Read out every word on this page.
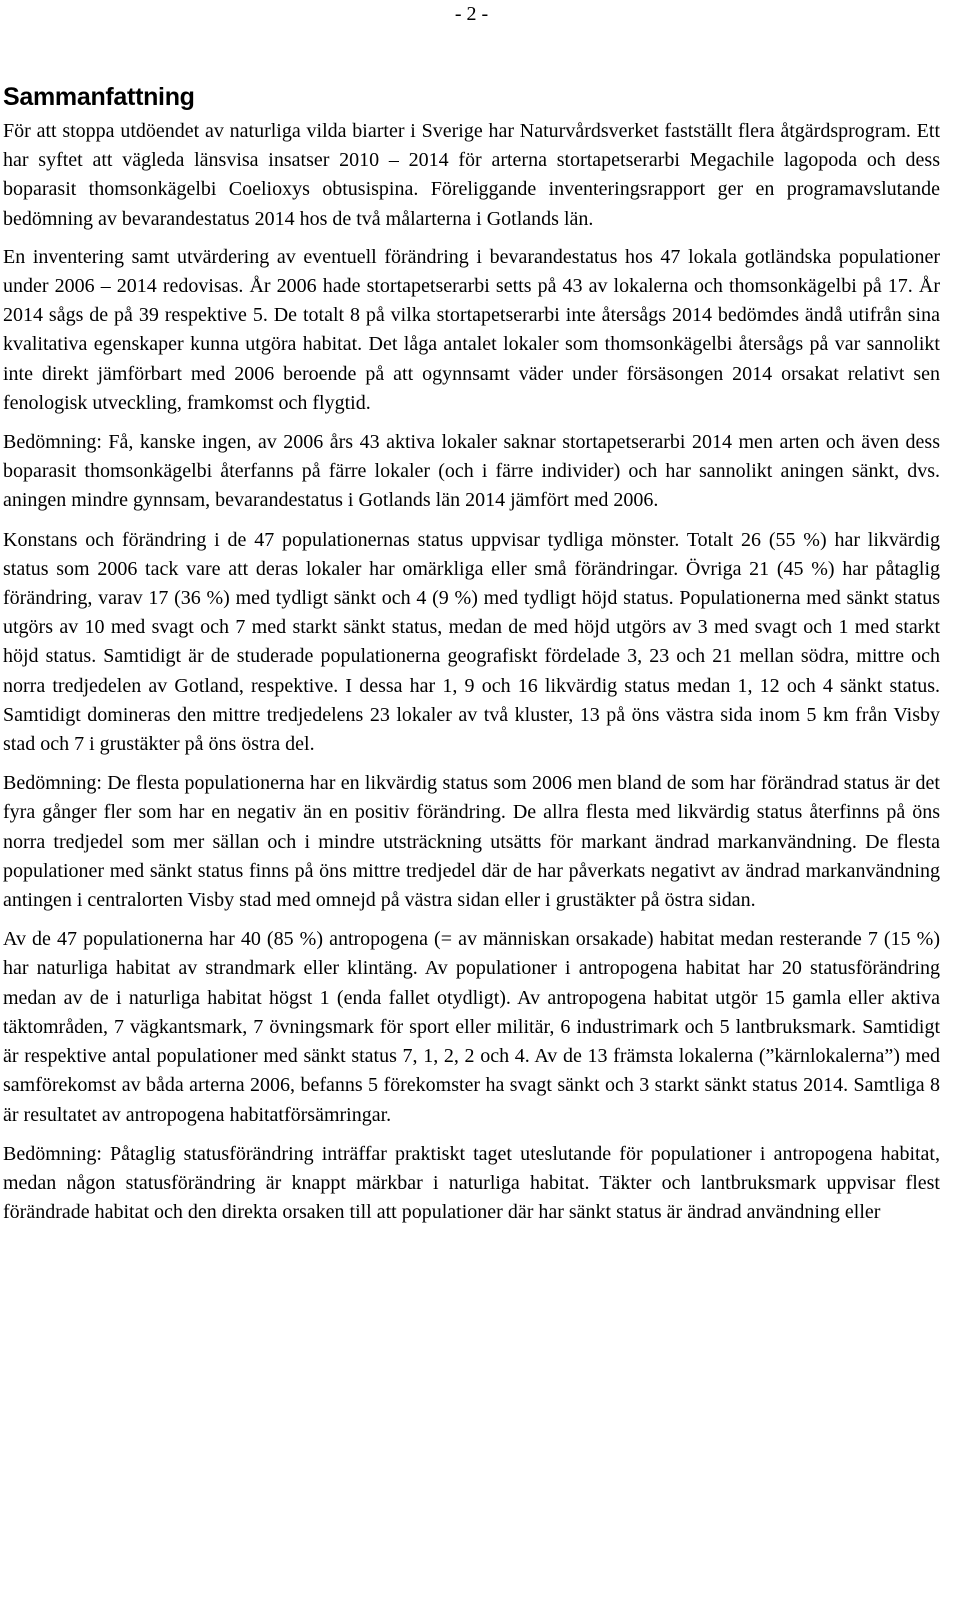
- 2 -

Sammanfattning

För att stoppa utdöendet av naturliga vilda biarter i Sverige har Naturvårdsverket fastställt flera åtgärdsprogram. Ett har syftet att vägleda länsvisa insatser 2010 – 2014 för arterna stortapetserarbi Megachile lagopoda och dess boparasit thomsonkägelbi Coelioxys obtusispina. Föreliggande inventeringsrapport ger en programavslutande bedömning av bevarandestatus 2014 hos de två målarterna i Gotlands län.

En inventering samt utvärdering av eventuell förändring i bevarandestatus hos 47 lokala gotländska populationer under 2006 – 2014 redovisas. År 2006 hade stortapetserarbi setts på 43 av lokalerna och thomsonkägelbi på 17. År 2014 sågs de på 39 respektive 5. De totalt 8 på vilka stortapetserarbi inte återsågs 2014 bedömdes ändå utifrån sina kvalitativa egenskaper kunna utgöra habitat. Det låga antalet lokaler som thomsonkägelbi återsågs på var sannolikt inte direkt jämförbart med 2006 beroende på att ogynnsamt väder under försäsongen 2014 orsakat relativt sen fenologisk utveckling, framkomst och flygtid.

Bedömning: Få, kanske ingen, av 2006 års 43 aktiva lokaler saknar stortapetserarbi 2014 men arten och även dess boparasit thomsonkägelbi återfanns på färre lokaler (och i färre individer) och har sannolikt aningen sänkt, dvs. aningen mindre gynnsam, bevarandestatus i Gotlands län 2014 jämfört med 2006.

Konstans och förändring i de 47 populationernas status uppvisar tydliga mönster. Totalt 26 (55 %) har likvärdig status som 2006 tack vare att deras lokaler har omärkliga eller små förändringar. Övriga 21 (45 %) har påtaglig förändring, varav 17 (36 %) med tydligt sänkt och 4 (9 %) med tydligt höjd status. Populationerna med sänkt status utgörs av 10 med svagt och 7 med starkt sänkt status, medan de med höjd utgörs av 3 med svagt och 1 med starkt höjd status. Samtidigt är de studerade populationerna geografiskt fördelade 3, 23 och 21 mellan södra, mittre och norra tredjedelen av Gotland, respektive. I dessa har 1, 9 och 16 likvärdig status medan 1, 12 och 4 sänkt status. Samtidigt domineras den mittre tredjedelens 23 lokaler av två kluster, 13 på öns västra sida inom 5 km från Visby stad och 7 i grustäkter på öns östra del.

Bedömning: De flesta populationerna har en likvärdig status som 2006 men bland de som har förändrad status är det fyra gånger fler som har en negativ än en positiv förändring. De allra flesta med likvärdig status återfinns på öns norra tredjedel som mer sällan och i mindre utsträckning utsätts för markant ändrad markanvändning. De flesta populationer med sänkt status finns på öns mittre tredjedel där de har påverkats negativt av ändrad markanvändning antingen i centralorten Visby stad med omnejd på västra sidan eller i grustäkter på östra sidan.

Av de 47 populationerna har 40 (85 %) antropogena (= av människan orsakade) habitat medan resterande 7 (15 %) har naturliga habitat av strandmark eller klintäng. Av populationer i antropogena habitat har 20 statusförändring medan av de i naturliga habitat högst 1 (enda fallet otydligt). Av antropogena habitat utgör 15 gamla eller aktiva täktområden, 7 vägkantsmark, 7 övningsmark för sport eller militär, 6 industrimark och 5 lantbruksmark. Samtidigt är respektive antal populationer med sänkt status 7, 1, 2, 2 och 4. Av de 13 främsta lokalerna (”kärnlokalerna”) med samförekomst av båda arterna 2006, befanns 5 förekomster ha svagt sänkt och 3 starkt sänkt status 2014. Samtliga 8 är resultatet av antropogena habitatförsämringar.

Bedömning: Påtaglig statusförändring inträffar praktiskt taget uteslutande för populationer i antropogena habitat, medan någon statusförändring är knappt märkbar i naturliga habitat. Täkter och lantbruksmark uppvisar flest förändrade habitat och den direkta orsaken till att populationer där har sänkt status är ändrad användning eller
